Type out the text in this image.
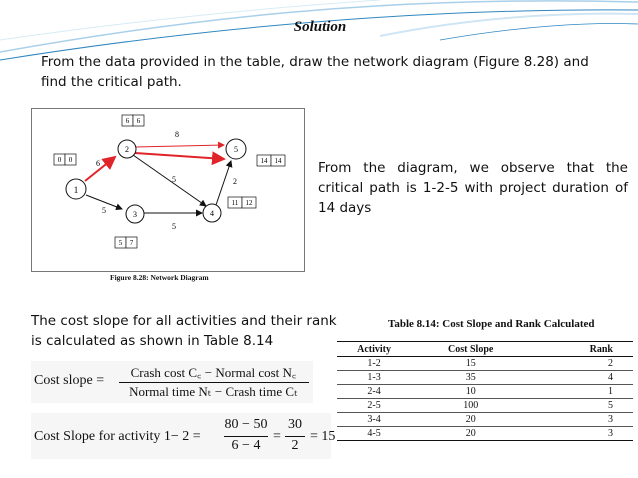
Solution
From the data provided in the table, draw the network diagram (Figure 8.28) and find the critical path.
1
2
3	4
5
0 0
6 6
5 7
11 12
14 14
8
6
5
5
5
2
Figure 8.28: Network Diagram
From the diagram, we observe that the critical path is 1-2-5 with project duration of 14 days
The cost slope for all activities and their rank is calculated as shown in Table 8.14
Cost slope =
Crash cost C꜀ − Normal cost N꜀
Normal time Nₜ − Crash time Cₜ
Cost Slope for activity 1− 2 =
80 − 50
6 − 4
=
30
2
= 15
Table 8.14: Cost Slope and Rank Calculated
Activity	Cost Slope	Rank
1-2	15	2
1-3	35	4
2-4	10	1
2-5	100	5
3-4	20	3
4-5	20	3
